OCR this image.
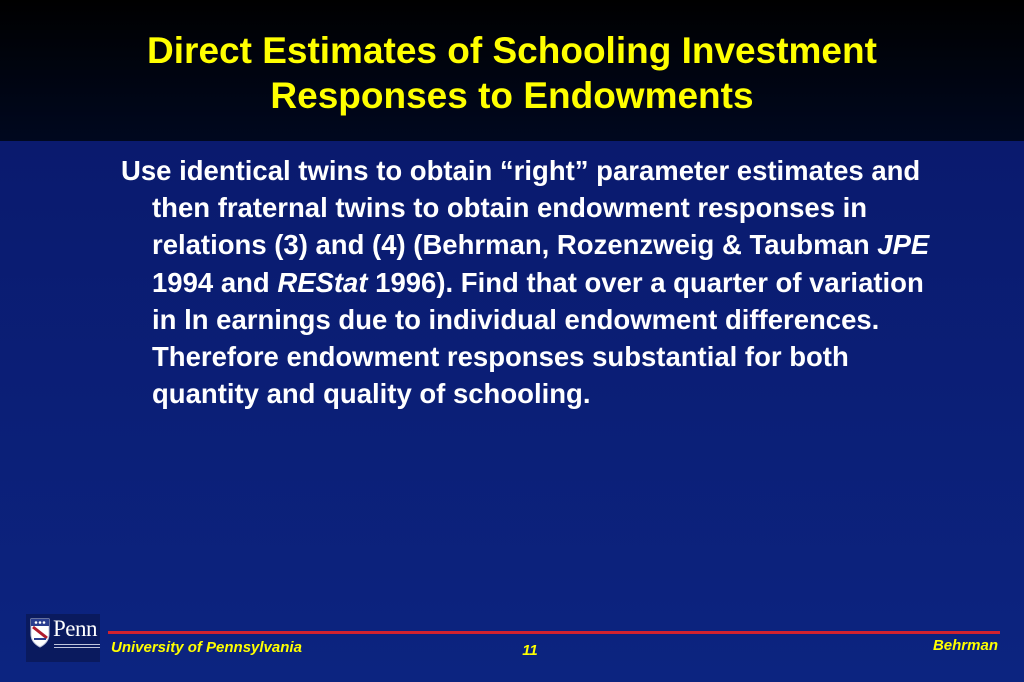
Direct Estimates of Schooling Investment
Responses to Endowments

Use identical twins to obtain “right” parameter estimates and then fraternal twins to obtain endowment responses in relations (3) and (4) (Behrman, Rozenzweig & Taubman JPE 1994 and REStat 1996). Find that over a quarter of variation in ln earnings due to individual endowment differences. Therefore endowment responses substantial for both quantity and quality of schooling.

Penn
University of Pennsylvania	11	Behrman
